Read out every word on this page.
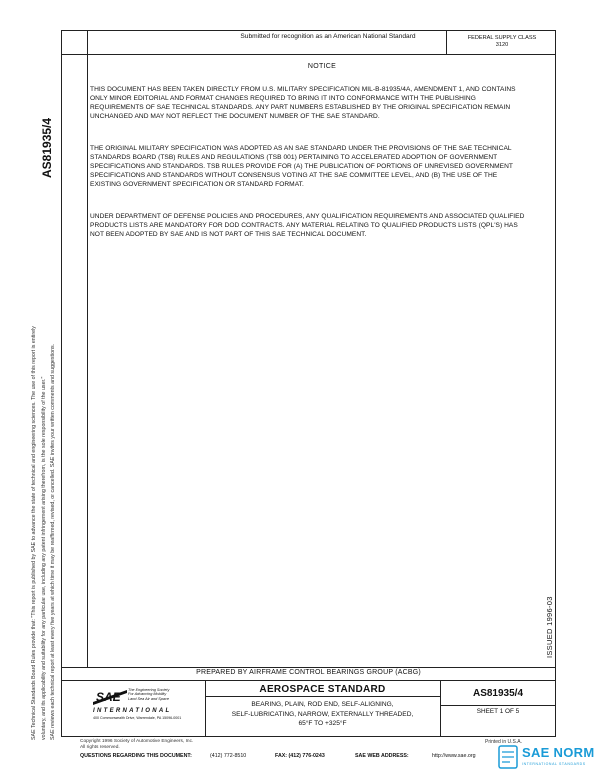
Submitted for recognition as an American National Standard	FEDERAL SUPPLY CLASS
3120
AS81935/4
SAE Technical Standards Board Rules provide that: "This report is published by SAE to advance the state of technical and engineering sciences. The use of this report is entirely voluntary, and its applicability and suitability for any particular use, including any patent infringement arising therefrom, is the sole responsibility of the user." SAE reviews each technical report at least every five years at which time it may be reaffirmed, revised, or cancelled. SAE invites your written comments and suggestions.
NOTICE
THIS DOCUMENT HAS BEEN TAKEN DIRECTLY FROM U.S. MILITARY SPECIFICATION MIL-B-81935/4A, AMENDMENT 1, AND CONTAINS ONLY MINOR EDITORIAL AND FORMAT CHANGES REQUIRED TO BRING IT INTO CONFORMANCE WITH THE PUBLISHING REQUIREMENTS OF SAE TECHNICAL STANDARDS. ANY PART NUMBERS ESTABLISHED BY THE ORIGINAL SPECIFICATION REMAIN UNCHANGED AND MAY NOT REFLECT THE DOCUMENT NUMBER OF THE SAE STANDARD.
THE ORIGINAL MILITARY SPECIFICATION WAS ADOPTED AS AN SAE STANDARD UNDER THE PROVISIONS OF THE SAE TECHNICAL STANDARDS BOARD (TSB) RULES AND REGULATIONS (TSB 001) PERTAINING TO ACCELERATED ADOPTION OF GOVERNMENT SPECIFICATIONS AND STANDARDS. TSB RULES PROVIDE FOR (A) THE PUBLICATION OF PORTIONS OF UNREVISED GOVERNMENT SPECIFICATIONS AND STANDARDS WITHOUT CONSENSUS VOTING AT THE SAE COMMITTEE LEVEL, AND (B) THE USE OF THE EXISTING GOVERNMENT SPECIFICATION OR STANDARD FORMAT.
UNDER DEPARTMENT OF DEFENSE POLICIES AND PROCEDURES, ANY QUALIFICATION REQUIREMENTS AND ASSOCIATED QUALIFIED PRODUCTS LISTS ARE MANDATORY FOR DOD CONTRACTS. ANY MATERIAL RELATING TO QUALIFIED PRODUCTS LISTS (QPL'S) HAS NOT BEEN ADOPTED BY SAE AND IS NOT PART OF THIS SAE TECHNICAL DOCUMENT.
ISSUED 1996-03
PREPARED BY AIRFRAME CONTROL BEARINGS GROUP (ACBG)
SAE The Engineering Society
For Advancing Mobility
Land Sea Air and Space
INTERNATIONAL
400 Commonwealth Drive, Warrendale, PA 15096-0001
AEROSPACE STANDARD
BEARING, PLAIN, ROD END, SELF-ALIGNING,
SELF-LUBRICATING, NARROW, EXTERNALLY THREADED,
65°F TO +325°F
AS81935/4
SHEET 1 OF 5
Copyright 1996 Society of Automotive Engineers, Inc.
All rights reserved.
Printed in U.S.A.
QUESTIONS REGARDING THIS DOCUMENT:	(412) 772-8510	FAX: (412) 776-0243	SAE WEB ADDRESS:	http://www.sae.org	SAE NORM
INTERNATIONAL STANDARDS
